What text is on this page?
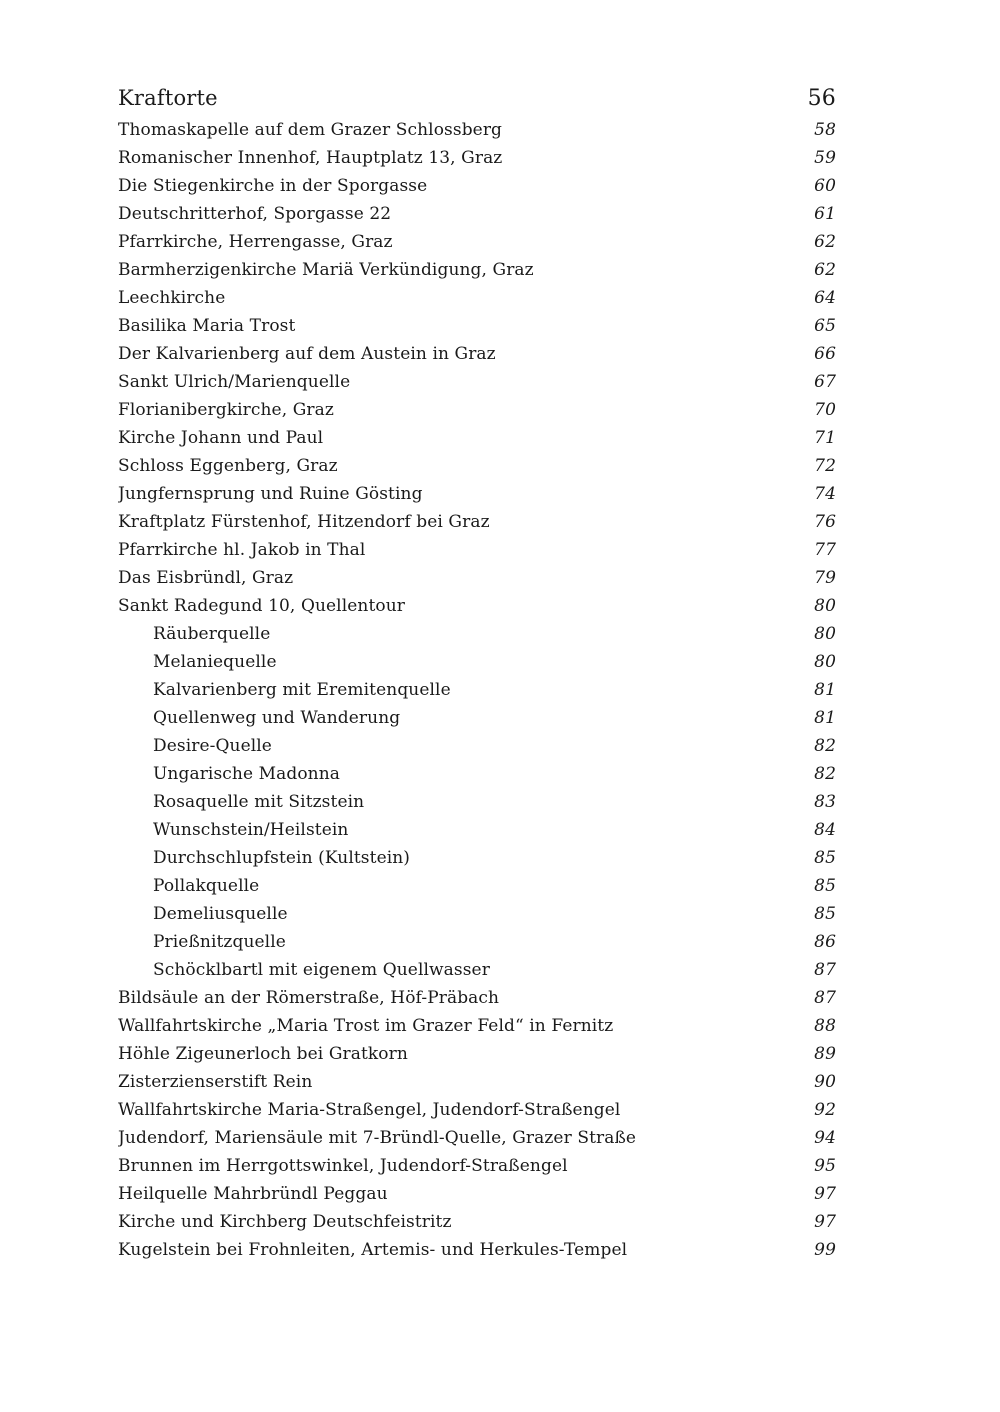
Kraftorte	56
Thomaskapelle auf dem Grazer Schlossberg	58
Romanischer Innenhof, Hauptplatz 13, Graz	59
Die Stiegenkirche in der Sporgasse	60
Deutschritterhof, Sporgasse 22	61
Pfarrkirche, Herrengasse, Graz	62
Barmherzigenkirche Mariä Verkündigung, Graz	62
Leechkirche	64
Basilika Maria Trost	65
Der Kalvarienberg auf dem Austein in Graz	66
Sankt Ulrich/Marienquelle	67
Florianibergkirche, Graz	70
Kirche Johann und Paul	71
Schloss Eggenberg, Graz	72
Jungfernsprung und Ruine Gösting	74
Kraftplatz Fürstenhof, Hitzendorf bei Graz	76
Pfarrkirche hl. Jakob in Thal	77
Das Eisbründl, Graz	79
Sankt Radegund 10, Quellentour	80
Räuberquelle	80
Melaniequelle	80
Kalvarienberg mit Eremitenquelle	81
Quellenweg und Wanderung	81
Desire-Quelle	82
Ungarische Madonna	82
Rosaquelle mit Sitzstein	83
Wunschstein/Heilstein	84
Durchschlupfstein (Kultstein)	85
Pollakquelle	85
Demeliusquelle	85
Prießnitzquelle	86
Schöcklbartl mit eigenem Quellwasser	87
Bildsäule an der Römerstraße, Höf-Präbach	87
Wallfahrtskirche „Maria Trost im Grazer Feld“ in Fernitz	88
Höhle Zigeunerloch bei Gratkorn	89
Zisterzienserstift Rein	90
Wallfahrtskirche Maria-Straßengel, Judendorf-Straßengel	92
Judendorf, Mariensäule mit 7-Bründl-Quelle, Grazer Straße	94
Brunnen im Herrgottswinkel, Judendorf-Straßengel	95
Heilquelle Mahrbründl Peggau	97
Kirche und Kirchberg Deutschfeistritz	97
Kugelstein bei Frohnleiten, Artemis- und Herkules-Tempel	99
